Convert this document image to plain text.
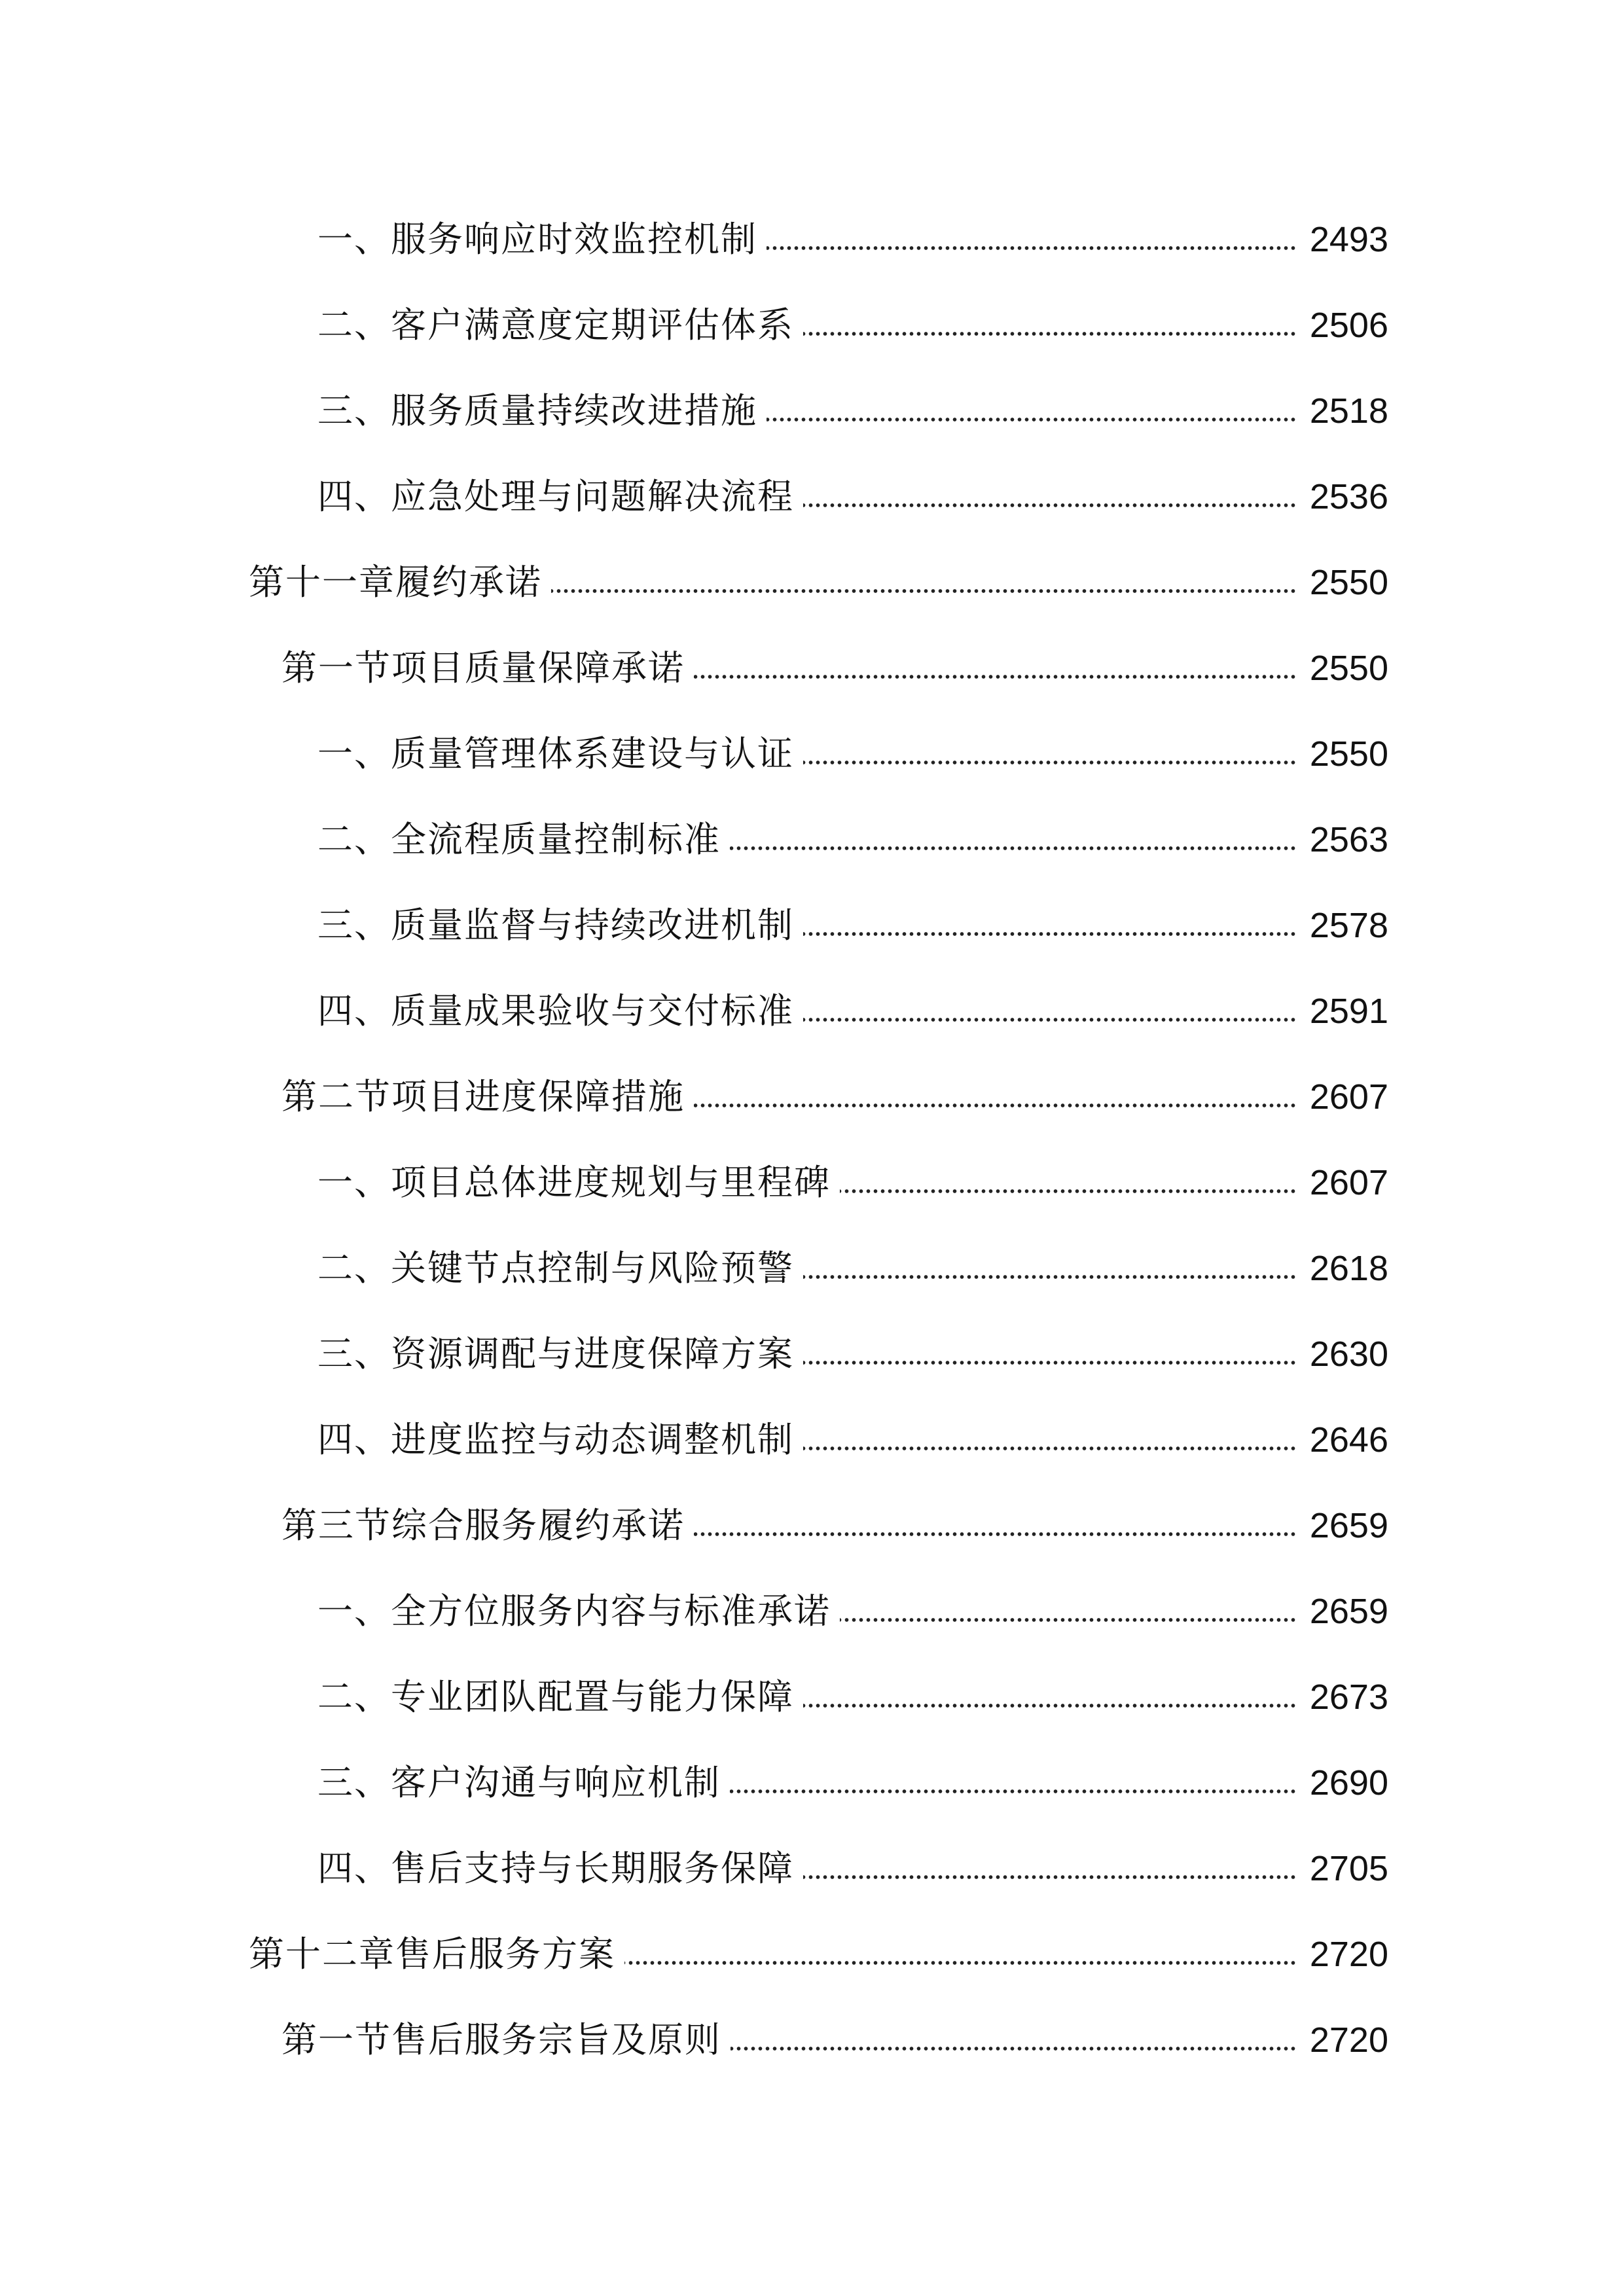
一、服务响应时效监控机制	2493
二、客户满意度定期评估体系	2506
三、服务质量持续改进措施	2518
四、应急处理与问题解决流程	2536
第十一章履约承诺	2550
第一节项目质量保障承诺	2550
一、质量管理体系建设与认证	2550
二、全流程质量控制标准	2563
三、质量监督与持续改进机制	2578
四、质量成果验收与交付标准	2591
第二节项目进度保障措施	2607
一、项目总体进度规划与里程碑	2607
二、关键节点控制与风险预警	2618
三、资源调配与进度保障方案	2630
四、进度监控与动态调整机制	2646
第三节综合服务履约承诺	2659
一、全方位服务内容与标准承诺	2659
二、专业团队配置与能力保障	2673
三、客户沟通与响应机制	2690
四、售后支持与长期服务保障	2705
第十二章售后服务方案	2720
第一节售后服务宗旨及原则	2720
